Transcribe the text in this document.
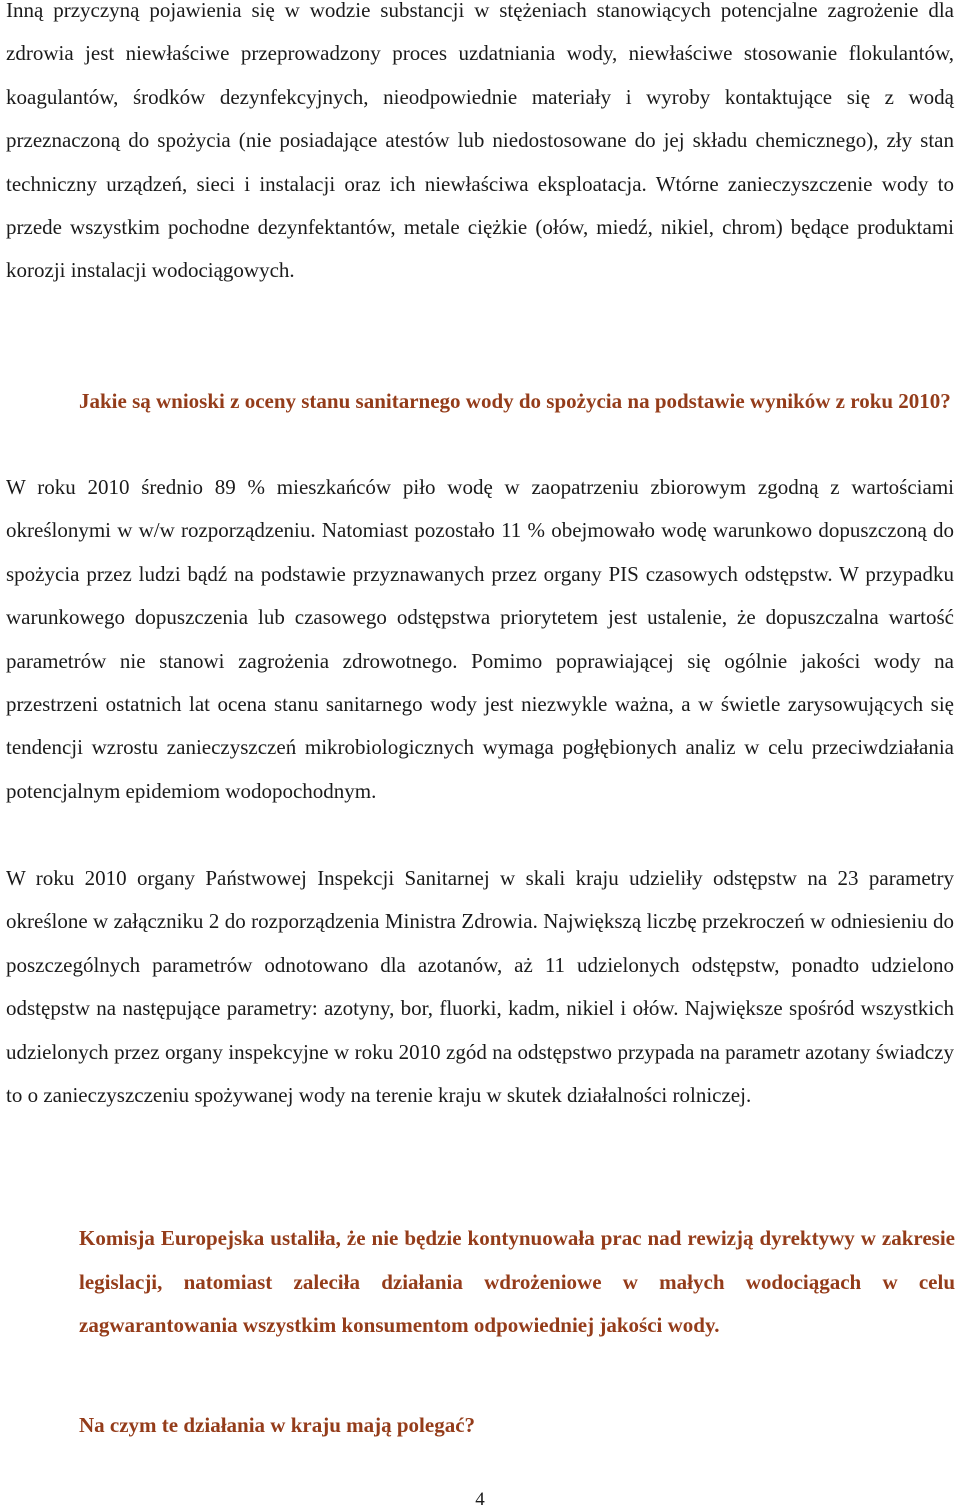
Inną przyczyną pojawienia się w wodzie substancji w stężeniach stanowiących potencjalne zagrożenie dla zdrowia jest niewłaściwe przeprowadzony proces uzdatniania wody, niewłaściwe stosowanie flokulantów, koagulantów, środków dezynfekcyjnych, nieodpowiednie materiały i wyroby kontaktujące się z wodą przeznaczoną do spożycia (nie posiadające atestów lub niedostosowane do jej składu chemicznego), zły stan techniczny urządzeń, sieci i instalacji oraz ich niewłaściwa eksploatacja. Wtórne zanieczyszczenie wody to przede wszystkim pochodne dezynfektantów, metale ciężkie (ołów, miedź, nikiel, chrom) będące produktami korozji instalacji wodociągowych.

Jakie są wnioski z oceny stanu sanitarnego wody do spożycia na podstawie wyników z roku 2010?

W roku 2010 średnio 89 % mieszkańców piło wodę w zaopatrzeniu zbiorowym zgodną z wartościami określonymi w w/w rozporządzeniu. Natomiast pozostało 11 % obejmowało wodę warunkowo dopuszczoną do spożycia przez ludzi bądź na podstawie przyznawanych przez organy PIS czasowych odstępstw. W przypadku warunkowego dopuszczenia lub czasowego odstępstwa priorytetem jest ustalenie, że dopuszczalna wartość parametrów nie stanowi zagrożenia zdrowotnego. Pomimo poprawiającej się ogólnie jakości wody na przestrzeni ostatnich lat ocena stanu sanitarnego wody jest niezwykle ważna, a w świetle zarysowujących się tendencji wzrostu zanieczyszczeń mikrobiologicznych wymaga pogłębionych analiz w celu przeciwdziałania potencjalnym epidemiom wodopochodnym.

W roku 2010 organy Państwowej Inspekcji Sanitarnej w skali kraju udzieliły odstępstw na 23 parametry określone w załączniku 2 do rozporządzenia Ministra Zdrowia. Największą liczbę przekroczeń w odniesieniu do poszczególnych parametrów odnotowano dla azotanów, aż 11 udzielonych odstępstw, ponadto udzielono odstępstw na następujące parametry: azotyny, bor, fluorki, kadm, nikiel i ołów. Największe spośród wszystkich udzielonych przez organy inspekcyjne w roku 2010 zgód na odstępstwo przypada na parametr azotany świadczy to o zanieczyszczeniu spożywanej wody na terenie kraju w skutek działalności rolniczej.

Komisja Europejska ustaliła, że nie będzie kontynuowała prac nad rewizją dyrektywy w zakresie legislacji, natomiast zaleciła działania wdrożeniowe w małych wodociągach w celu zagwarantowania wszystkim konsumentom odpowiedniej jakości wody.

Na czym te działania w kraju mają polegać?

4
